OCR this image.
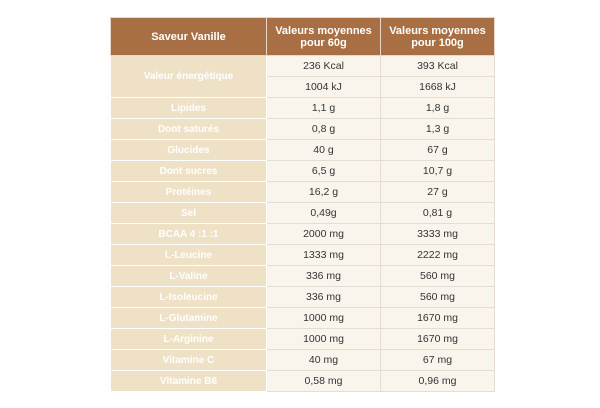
Saveur Vanille	Valeurs moyennes pour 60g	Valeurs moyennes pour 100g
Valeur énergétique	236 Kcal	393 Kcal
	1004 kJ	1668 kJ
Lipides	1,1 g	1,8 g
Dont saturés	0,8 g	1,3 g
Glucides	40 g	67 g
Dont sucres	6,5 g	10,7 g
Protéines	16,2 g	27 g
Sel	0,49g	0,81 g
BCAA 4 :1 :1	2000 mg	3333 mg
L-Leucine	1333 mg	2222 mg
L-Valine	336 mg	560 mg
L-Isoleucine	336 mg	560 mg
L-Glutamine	1000 mg	1670 mg
L-Arginine	1000 mg	1670 mg
Vitamine C	40 mg	67 mg
Vitamine B6	0,58 mg	0,96 mg
